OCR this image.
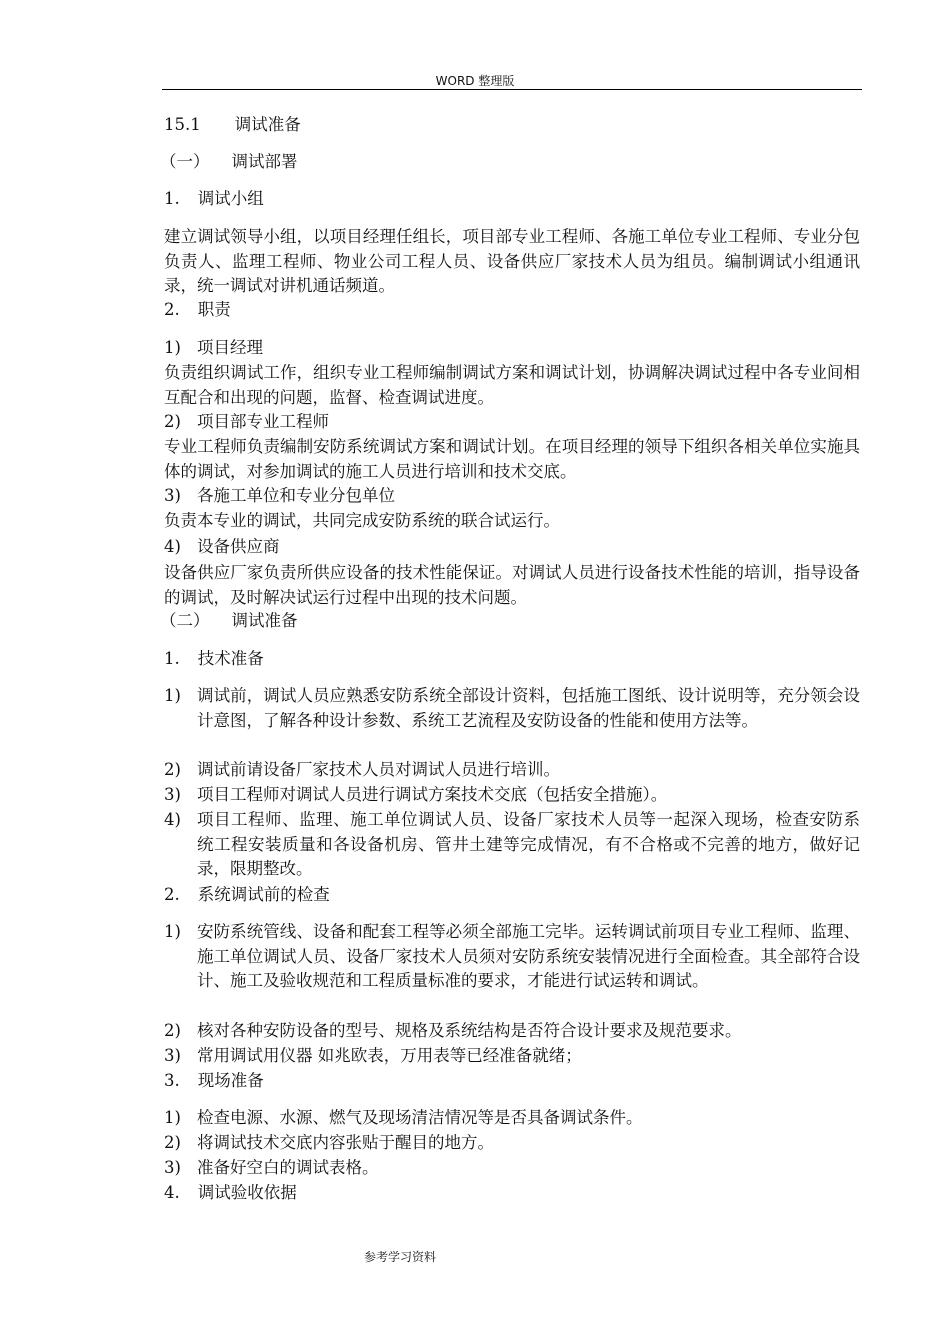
WORD 整理版
15.1 调试准备
（一） 调试部署
1. 调试小组
建立调试领导小组，以项目经理任组长，项目部专业工程师、各施工单位专业工程师、专业分包负责人、监理工程师、物业公司工程人员、设备供应厂家技术人员为组员。编制调试小组通讯录，统一调试对讲机通话频道。
2. 职责
1) 项目经理
负责组织调试工作，组织专业工程师编制调试方案和调试计划，协调解决调试过程中各专业间相互配合和出现的问题，监督、检查调试进度。
2) 项目部专业工程师
专业工程师负责编制安防系统调试方案和调试计划。在项目经理的领导下组织各相关单位实施具体的调试，对参加调试的施工人员进行培训和技术交底。
3) 各施工单位和专业分包单位
负责本专业的调试，共同完成安防系统的联合试运行。
4) 设备供应商
设备供应厂家负责所供应设备的技术性能保证。对调试人员进行设备技术性能的培训，指导设备的调试，及时解决试运行过程中出现的技术问题。
（二） 调试准备
1. 技术准备
1) 调试前，调试人员应熟悉安防系统全部设计资料，包括施工图纸、设计说明等，充分领会设 计意图，了解各种设计参数、系统工艺流程及安防设备的性能和使用方法等。
2) 调试前请设备厂家技术人员对调试人员进行培训。
3) 项目工程师对调试人员进行调试方案技术交底（包括安全措施）。
4) 项目工程师、监理、施工单位调试人员、设备厂家技术人员等一起深入现场，检查安防系 统工程安装质量和各设备机房、管井土建等完成情况，有不合格或不完善的地方，做好记录，限期整改。
2. 系统调试前的检查
1) 安防系统管线、设备和配套工程等必须全部施工完毕。运转调试前项目专业工程师、监理、 施工单位调试人员、设备厂家技术人员须对安防系统安装情况进行全面检查。其全部符合设计、施工及验收规范和工程质量标准的要求，才能进行试运转和调试。
2) 核对各种安防设备的型号、规格及系统结构是否符合设计要求及规范要求。
3) 常用调试用仪器 如兆欧表，万用表等已经准备就绪；
3. 现场准备
1) 检查电源、水源、燃气及现场清洁情况等是否具备调试条件。
2) 将调试技术交底内容张贴于醒目的地方。
3) 准备好空白的调试表格。
4. 调试验收依据
参考学习资料
